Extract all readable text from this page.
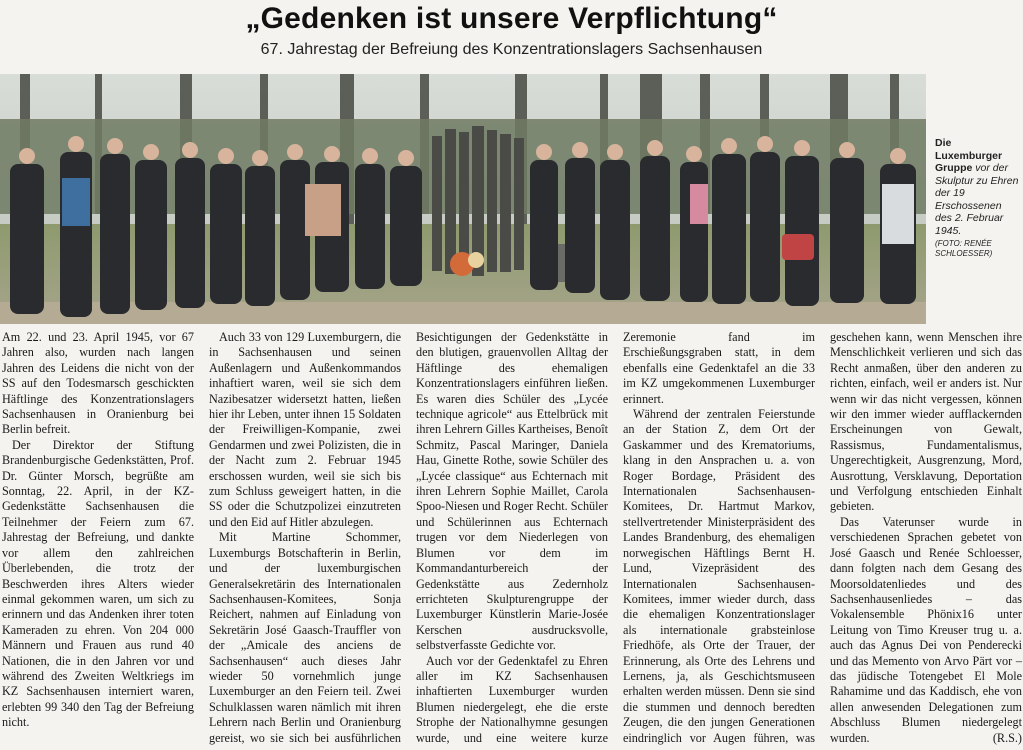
„Gedenken ist unsere Verpflichtung“
67. Jahrestag der Befreiung des Konzentrationslagers Sachsenhausen
Die Luxemburger Gruppe vor der Skulptur zu Ehren der 19 Erschossenen des 2. Februar 1945.
(FOTO: RENÉE SCHLOESSER)

Am 22. und 23. April 1945, vor 67 Jahren also, wurden nach langen Jahren des Leidens die nicht von der SS auf den Todesmarsch geschickten Häftlinge des Konzentrationslagers Sachsenhausen in Oranienburg bei Berlin befreit.

Der Direktor der Stiftung Brandenburgische Gedenkstätten, Prof. Dr. Günter Morsch, begrüßte am Sonntag, 22. April, in der KZ-Gedenkstätte Sachsenhausen die Teilnehmer der Feiern zum 67. Jahrestag der Befreiung, und dankte vor allem den zahlreichen Überlebenden, die trotz der Beschwerden ihres Alters wieder einmal gekommen waren, um sich zu erinnern und das Andenken ihrer toten Kameraden zu ehren. Von 204 000 Männern und Frauen aus rund 40 Nationen, die in den Jahren vor und während des Zweiten Weltkriegs im KZ Sachsenhausen interniert waren, erlebten 99 340 den Tag der Befreiung nicht.

Auch 33 von 129 Luxemburgern, die in Sachsenhausen und seinen Außenlagern und Außenkommandos inhaftiert waren, weil sie sich dem Nazibesatzer widersetzt hatten, ließen hier ihr Leben, unter ihnen 15 Soldaten der Freiwilligen-Kompanie, zwei Gendarmen und zwei Polizisten, die in der Nacht zum 2. Februar 1945 erschossen wurden, weil sie sich bis zum Schluss geweigert hatten, in die SS oder die Schutzpolizei einzutreten und den Eid auf Hitler abzulegen.

Mit Martine Schommer, Luxemburgs Botschafterin in Berlin, und der luxemburgischen Generalsekretärin des Internationalen Sachsenhausen-Komitees, Sonja Reichert, nahmen auf Einladung von Sekretärin José Gaasch-Trauffler von der „Amicale des anciens de Sachsenhausen“ auch dieses Jahr wieder 50 vornehmlich junge Luxemburger an den Feiern teil. Zwei Schulklassen waren nämlich mit ihren Lehrern nach Berlin und Oranienburg gereist, wo sie sich bei ausführlichen Besichtigungen der Gedenkstätte in den blutigen, grauenvollen Alltag der Häftlinge des ehemaligen Konzentrationslagers einführen ließen. Es waren dies Schüler des „Lycée technique agricole“ aus Ettelbrück mit ihren Lehrern Gilles Kartheises, Benoît Schmitz, Pascal Maringer, Daniela Hau, Ginette Rothe, sowie Schüler des „Lycée classique“ aus Echternach mit ihren Lehrern Sophie Maillet, Carola Spoo-Niesen und Roger Recht. Schüler und Schülerinnen aus Echternach trugen vor dem Niederlegen von Blumen vor dem im Kommandanturbereich der Gedenkstätte aus Zedernholz errichteten Skulpturengruppe der Luxemburger Künstlerin Marie-Josée Kerschen ausdrucksvolle, selbstverfasste Gedichte vor.

Auch vor der Gedenktafel zu Ehren aller im KZ Sachsenhausen inhaftierten Luxemburger wurden Blumen niedergelegt, ehe die erste Strophe der Nationalhymne gesungen wurde, und eine weitere kurze Zeremonie fand im Erschießungsgraben statt, in dem ebenfalls eine Gedenktafel an die 33 im KZ umgekommenen Luxemburger erinnert.

Während der zentralen Feierstunde an der Station Z, dem Ort der Gaskammer und des Krematoriums, klang in den Ansprachen u. a. von Roger Bordage, Präsident des Internationalen Sachsenhausen-Komitees, Dr. Hartmut Markov, stellvertretender Ministerpräsident des Landes Brandenburg, des ehemaligen norwegischen Häftlings Bernt H. Lund, Vizepräsident des Internationalen Sachsenhausen-Komitees, immer wieder durch, dass die ehemaligen Konzentrationslager als internationale grabsteinlose Friedhöfe, als Orte der Trauer, der Erinnerung, als Orte des Lehrens und Lernens, ja, als Geschichtsmuseen erhalten werden müssen. Denn sie sind die stummen und dennoch beredten Zeugen, die den jungen Generationen eindringlich vor Augen führen, was geschehen kann, wenn Menschen ihre Menschlichkeit verlieren und sich das Recht anmaßen, über den anderen zu richten, einfach, weil er anders ist. Nur wenn wir das nicht vergessen, können wir den immer wieder aufflackernden Erscheinungen von Gewalt, Rassismus, Fundamentalismus, Ungerechtigkeit, Ausgrenzung, Mord, Ausrottung, Versklavung, Deportation und Verfolgung entschieden Einhalt gebieten.

Das Vaterunser wurde in verschiedenen Sprachen gebetet von José Gaasch und Renée Schloesser, dann folgten nach dem Gesang des Moorsoldatenliedes und des Sachsenhausenliedes – das Vokalensemble Phönix16 unter Leitung von Timo Kreuser trug u. a. auch das Agnus Dei von Penderecki und das Memento von Arvo Pärt vor – das jüdische Totengebet El Mole Rahamime und das Kaddisch, ehe von allen anwesenden Delegationen zum Abschluss Blumen niedergelegt wurden.	(R.S.)
